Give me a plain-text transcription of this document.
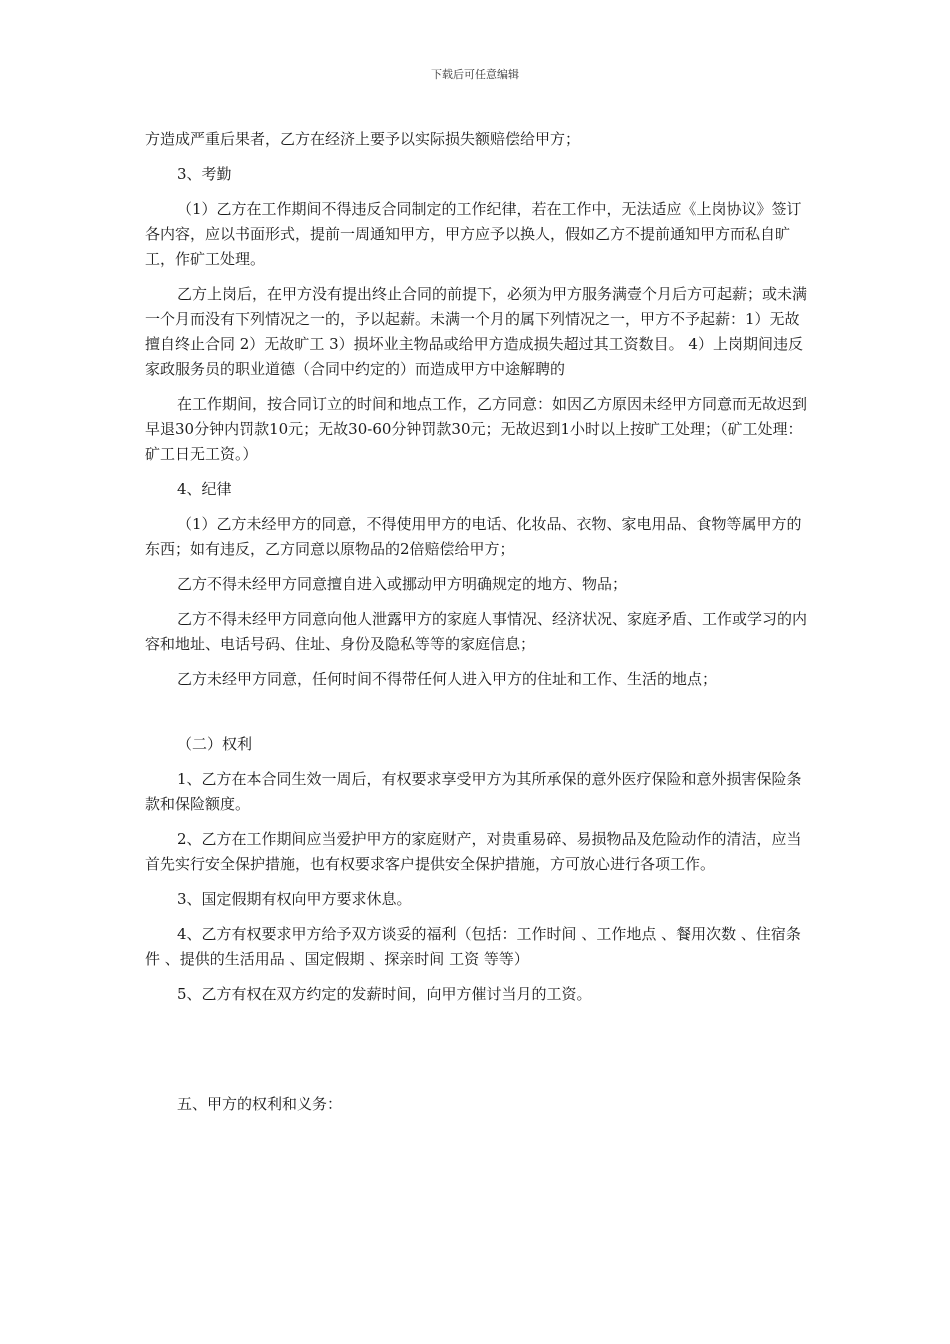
下载后可任意编辑

方造成严重后果者，乙方在经济上要予以实际损失额赔偿给甲方；

3、考勤

（1）乙方在工作期间不得违反合同制定的工作纪律，若在工作中，无法适应《上岗协议》签订各内容，应以书面形式，提前一周通知甲方，甲方应予以换人，假如乙方不提前通知甲方而私自旷工，作矿工处理。

乙方上岗后，在甲方没有提出终止合同的前提下，必须为甲方服务满壹个月后方可起薪；或未满一个月而没有下列情况之一的，予以起薪。未满一个月的属下列情况之一，甲方不予起薪：1）无故擅自终止合同 2）无故旷工 3）损坏业主物品或给甲方造成损失超过其工资数目。 4）上岗期间违反家政服务员的职业道德（合同中约定的）而造成甲方中途解聘的

在工作期间，按合同订立的时间和地点工作，乙方同意：如因乙方原因未经甲方同意而无故迟到早退30分钟内罚款10元；无故30-60分钟罚款30元；无故迟到1小时以上按旷工处理；（矿工处理：矿工日无工资。）

4、纪律

（1）乙方未经甲方的同意，不得使用甲方的电话、化妆品、衣物、家电用品、食物等属甲方的东西；如有违反，乙方同意以原物品的2倍赔偿给甲方；

乙方不得未经甲方同意擅自进入或挪动甲方明确规定的地方、物品；

乙方不得未经甲方同意向他人泄露甲方的家庭人事情况、经济状况、家庭矛盾、工作或学习的内容和地址、电话号码、住址、身份及隐私等等的家庭信息；

乙方未经甲方同意，任何时间不得带任何人进入甲方的住址和工作、生活的地点；

（二）权利

1、乙方在本合同生效一周后，有权要求享受甲方为其所承保的意外医疗保险和意外损害保险条款和保险额度。

2、乙方在工作期间应当爱护甲方的家庭财产，对贵重易碎、易损物品及危险动作的清洁，应当首先实行安全保护措施，也有权要求客户提供安全保护措施，方可放心进行各项工作。

3、国定假期有权向甲方要求休息。

4、乙方有权要求甲方给予双方谈妥的福利（包括：工作时间 、工作地点 、餐用次数 、住宿条件 、提供的生活用品 、国定假期 、探亲时间 工资 等等）

5、乙方有权在双方约定的发薪时间，向甲方催讨当月的工资。

五、甲方的权利和义务：
